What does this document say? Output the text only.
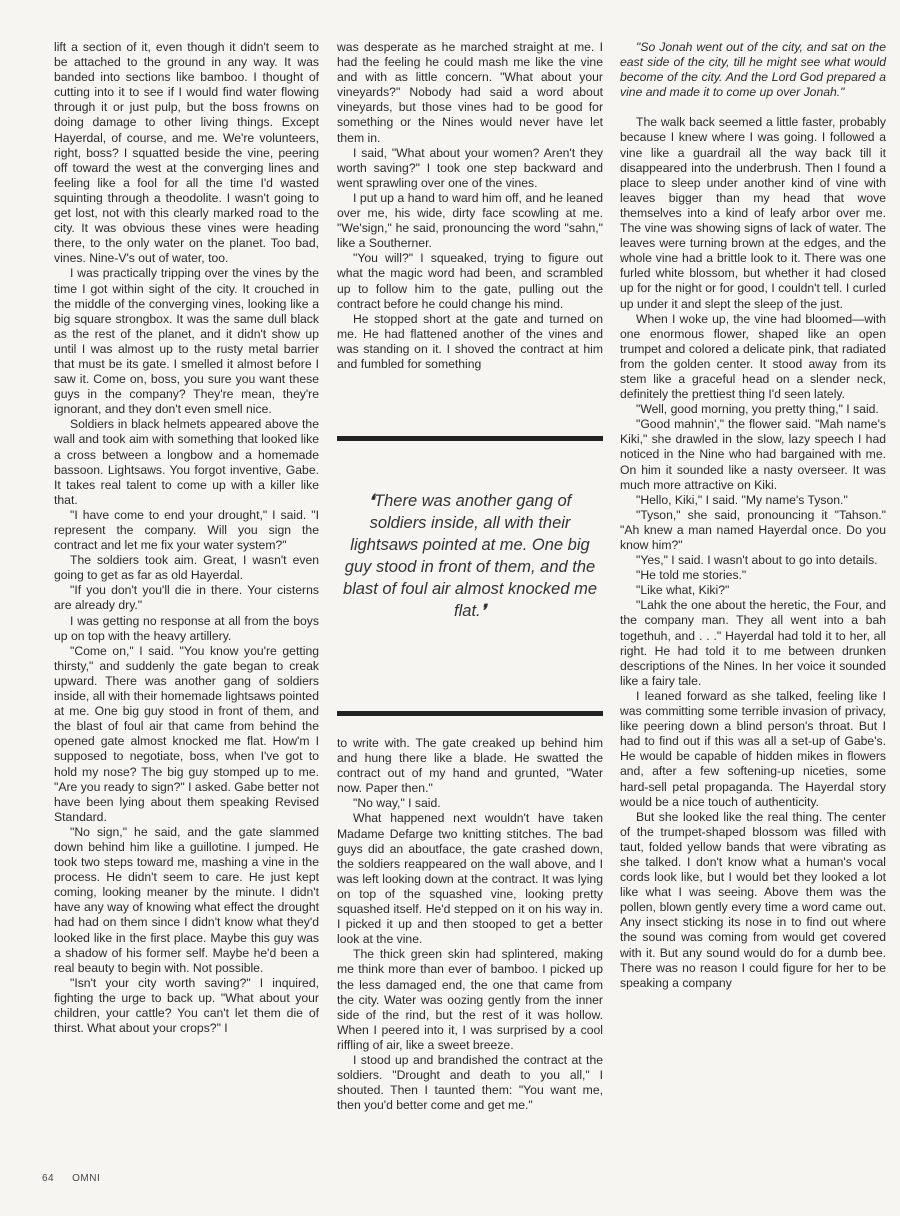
lift a section of it, even though it didn't seem to be attached to the ground in any way. It was banded into sections like bamboo. I thought of cutting into it to see if I would find water flowing through it or just pulp, but the boss frowns on doing damage to other living things. Except Hayerdal, of course, and me. We're volunteers, right, boss? I squatted beside the vine, peering off toward the west at the converging lines and feeling like a fool for all the time I'd wasted squinting through a theodolite. I wasn't going to get lost, not with this clearly marked road to the city. It was obvious these vines were heading there, to the only water on the planet. Too bad, vines. Nine-V's out of water, too.

I was practically tripping over the vines by the time I got within sight of the city. It crouched in the middle of the converging vines, looking like a big square strongbox. It was the same dull black as the rest of the planet, and it didn't show up until I was almost up to the rusty metal barrier that must be its gate. I smelled it almost before I saw it. Come on, boss, you sure you want these guys in the company? They're mean, they're ignorant, and they don't even smell nice.

Soldiers in black helmets appeared above the wall and took aim with something that looked like a cross between a longbow and a homemade bassoon. Lightsaws. You forgot inventive, Gabe. It takes real talent to come up with a killer like that.

"I have come to end your drought," I said. "I represent the company. Will you sign the contract and let me fix your water system?"

The soldiers took aim. Great, I wasn't even going to get as far as old Hayerdal.

"If you don't you'll die in there. Your cisterns are already dry."

I was getting no response at all from the boys up on top with the heavy artillery.

"Come on," I said. "You know you're getting thirsty," and suddenly the gate began to creak upward. There was another gang of soldiers inside, all with their homemade lightsaws pointed at me. One big guy stood in front of them, and the blast of foul air that came from behind the opened gate almost knocked me flat. How'm I supposed to negotiate, boss, when I've got to hold my nose? The big guy stomped up to me. "Are you ready to sign?" I asked. Gabe better not have been lying about them speaking Revised Standard.

"No sign," he said, and the gate slammed down behind him like a guillotine. I jumped. He took two steps toward me, mashing a vine in the process. He didn't seem to care. He just kept coming, looking meaner by the minute. I didn't have any way of knowing what effect the drought had had on them since I didn't know what they'd looked like in the first place. Maybe this guy was a shadow of his former self. Maybe he'd been a real beauty to begin with. Not possible.

"Isn't your city worth saving?" I inquired, fighting the urge to back up. "What about your children, your cattle? You can't let them die of thirst. What about your crops?" I

was desperate as he marched straight at me. I had the feeling he could mash me like the vine and with as little concern. "What about your vineyards?" Nobody had said a word about vineyards, but those vines had to be good for something or the Nines would never have let them in.

I said, "What about your women? Aren't they worth saving?" I took one step backward and went sprawling over one of the vines.

I put up a hand to ward him off, and he leaned over me, his wide, dirty face scowling at me. "We'sign," he said, pronouncing the word "sahn," like a Southerner.

"You will?" I squeaked, trying to figure out what the magic word had been, and scrambled up to follow him to the gate, pulling out the contract before he could change his mind.

He stopped short at the gate and turned on me. He had flattened another of the vines and was standing on it. I shoved the contract at him and fumbled for something

❛There was another gang of soldiers inside, all with their lightsaws pointed at me. One big guy stood in front of them, and the blast of foul air almost knocked me flat.❜

to write with. The gate creaked up behind him and hung there like a blade. He swatted the contract out of my hand and grunted, "Water now. Paper then."

"No way," I said.

What happened next wouldn't have taken Madame Defarge two knitting stitches. The bad guys did an aboutface, the gate crashed down, the soldiers reappeared on the wall above, and I was left looking down at the contract. It was lying on top of the squashed vine, looking pretty squashed itself. He'd stepped on it on his way in. I picked it up and then stooped to get a better look at the vine.

The thick green skin had splintered, making me think more than ever of bamboo. I picked up the less damaged end, the one that came from the city. Water was oozing gently from the inner side of the rind, but the rest of it was hollow. When I peered into it, I was surprised by a cool riffling of air, like a sweet breeze.

I stood up and brandished the contract at the soldiers. "Drought and death to you all," I shouted. Then I taunted them: "You want me, then you'd better come and get me."

"So Jonah went out of the city, and sat on the east side of the city, till he might see what would become of the city. And the Lord God prepared a vine and made it to come up over Jonah."

The walk back seemed a little faster, probably because I knew where I was going. I followed a vine like a guardrail all the way back till it disappeared into the underbrush. Then I found a place to sleep under another kind of vine with leaves bigger than my head that wove themselves into a kind of leafy arbor over me. The vine was showing signs of lack of water. The leaves were turning brown at the edges, and the whole vine had a brittle look to it. There was one furled white blossom, but whether it had closed up for the night or for good, I couldn't tell. I curled up under it and slept the sleep of the just.

When I woke up, the vine had bloomed—with one enormous flower, shaped like an open trumpet and colored a delicate pink, that radiated from the golden center. It stood away from its stem like a graceful head on a slender neck, definitely the prettiest thing I'd seen lately.

"Well, good morning, you pretty thing," I said.

"Good mahnin'," the flower said. "Mah name's Kiki," she drawled in the slow, lazy speech I had noticed in the Nine who had bargained with me. On him it sounded like a nasty overseer. It was much more attractive on Kiki.

"Hello, Kiki," I said. "My name's Tyson."

"Tyson," she said, pronouncing it "Tahson." "Ah knew a man named Hayerdal once. Do you know him?"

"Yes," I said. I wasn't about to go into details.

"He told me stories."

"Like what, Kiki?"

"Lahk the one about the heretic, the Four, and the company man. They all went into a bah togethuh, and . . ." Hayerdal had told it to her, all right. He had told it to me between drunken descriptions of the Nines. In her voice it sounded like a fairy tale.

I leaned forward as she talked, feeling like I was committing some terrible invasion of privacy, like peering down a blind person's throat. But I had to find out if this was all a set-up of Gabe's. He would be capable of hidden mikes in flowers and, after a few softening-up niceties, some hard-sell petal propaganda. The Hayerdal story would be a nice touch of authenticity.

But she looked like the real thing. The center of the trumpet-shaped blossom was filled with taut, folded yellow bands that were vibrating as she talked. I don't know what a human's vocal cords look like, but I would bet they looked a lot like what I was seeing. Above them was the pollen, blown gently every time a word came out. Any insect sticking its nose in to find out where the sound was coming from would get covered with it. But any sound would do for a dumb bee. There was no reason I could figure for her to be speaking a company

64 OMNI
